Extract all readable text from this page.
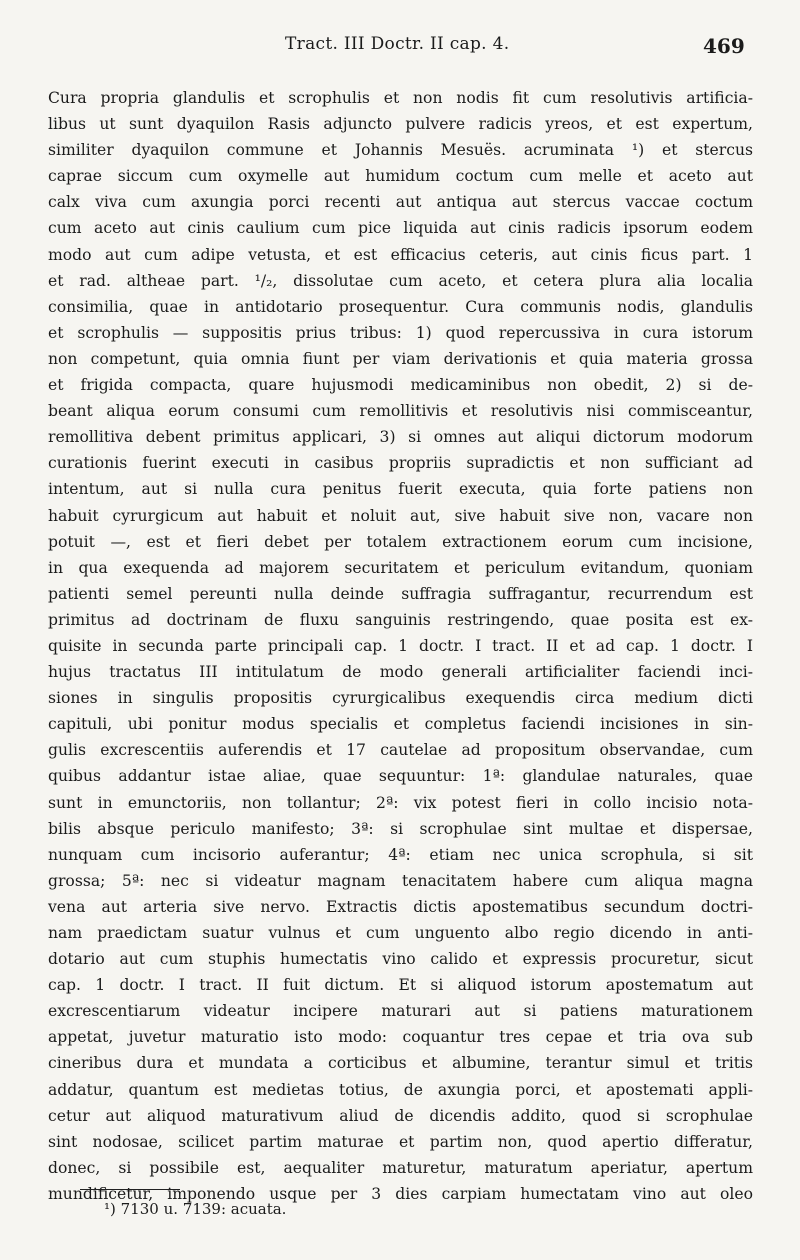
Tract. III Doctr. II cap. 4.	469
Cura propria glandulis et scrophulis et non nodis fit cum resolutivis artificia-
libus ut sunt dyaquilon Rasis adjuncto pulvere radicis yreos, et est expertum,
similiter dyaquilon commune et Johannis Mesuës. acruminata ¹) et stercus
caprae siccum cum oxymelle aut humidum coctum cum melle et aceto aut
calx viva cum axungia porci recenti aut antiqua aut stercus vaccae coctum
cum aceto aut cinis caulium cum pice liquida aut cinis radicis ipsorum eodem
modo aut cum adipe vetusta, et est efficacius ceteris, aut cinis ficus part. 1
et rad. altheae part. ¹/₂, dissolutae cum aceto, et cetera plura alia localia
consimilia, quae in antidotario prosequentur. Cura communis nodis, glandulis
et scrophulis — suppositis prius tribus: 1) quod repercussiva in cura istorum
non competunt, quia omnia fiunt per viam derivationis et quia materia grossa
et frigida compacta, quare hujusmodi medicaminibus non obedit, 2) si de-
beant aliqua eorum consumi cum remollitivis et resolutivis nisi commisceantur,
remollitiva debent primitus applicari, 3) si omnes aut aliqui dictorum modorum
curationis fuerint executi in casibus propriis supradictis et non sufficiant ad
intentum, aut si nulla cura penitus fuerit executa, quia forte patiens non
habuit cyrurgicum aut habuit et noluit aut, sive habuit sive non, vacare non
potuit —, est et fieri debet per totalem extractionem eorum cum incisione,
in qua exequenda ad majorem securitatem et periculum evitandum, quoniam
patienti semel pereunti nulla deinde suffragia suffragantur, recurrendum est
primitus ad doctrinam de fluxu sanguinis restringendo, quae posita est ex-
quisite in secunda parte principali cap. 1 doctr. I tract. II et ad cap. 1 doctr. I
hujus tractatus III intitulatum de modo generali artificialiter faciendi inci-
siones in singulis propositis cyrurgicalibus exequendis circa medium dicti
capituli, ubi ponitur modus specialis et completus faciendi incisiones in sin-
gulis excrescentiis auferendis et 17 cautelae ad propositum observandae, cum
quibus addantur istae aliae, quae sequuntur: 1ª: glandulae naturales, quae
sunt in emunctoriis, non tollantur; 2ª: vix potest fieri in collo incisio nota-
bilis absque periculo manifesto; 3ª: si scrophulae sint multae et dispersae,
nunquam cum incisorio auferantur; 4ª: etiam nec unica scrophula, si sit
grossa; 5ª: nec si videatur magnam tenacitatem habere cum aliqua magna
vena aut arteria sive nervo. Extractis dictis apostematibus secundum doctri-
nam praedictam suatur vulnus et cum unguento albo regio dicendo in anti-
dotario aut cum stuphis humectatis vino calido et expressis procuretur, sicut
cap. 1 doctr. I tract. II fuit dictum. Et si aliquod istorum apostematum aut
excrescentiarum videatur incipere maturari aut si patiens maturationem
appetat, juvetur maturatio isto modo: coquantur tres cepae et tria ova sub
cineribus dura et mundata a corticibus et albumine, terantur simul et tritis
addatur, quantum est medietas totius, de axungia porci, et apostemati appli-
cetur aut aliquod maturativum aliud de dicendis addito, quod si scrophulae
sint nodosae, scilicet partim maturae et partim non, quod apertio differatur,
donec, si possibile est, aequaliter maturetur, maturatum aperiatur, apertum
mundificetur, imponendo usque per 3 dies carpiam humectatam vino aut oleo
¹) 7130 u. 7139: acuata.
